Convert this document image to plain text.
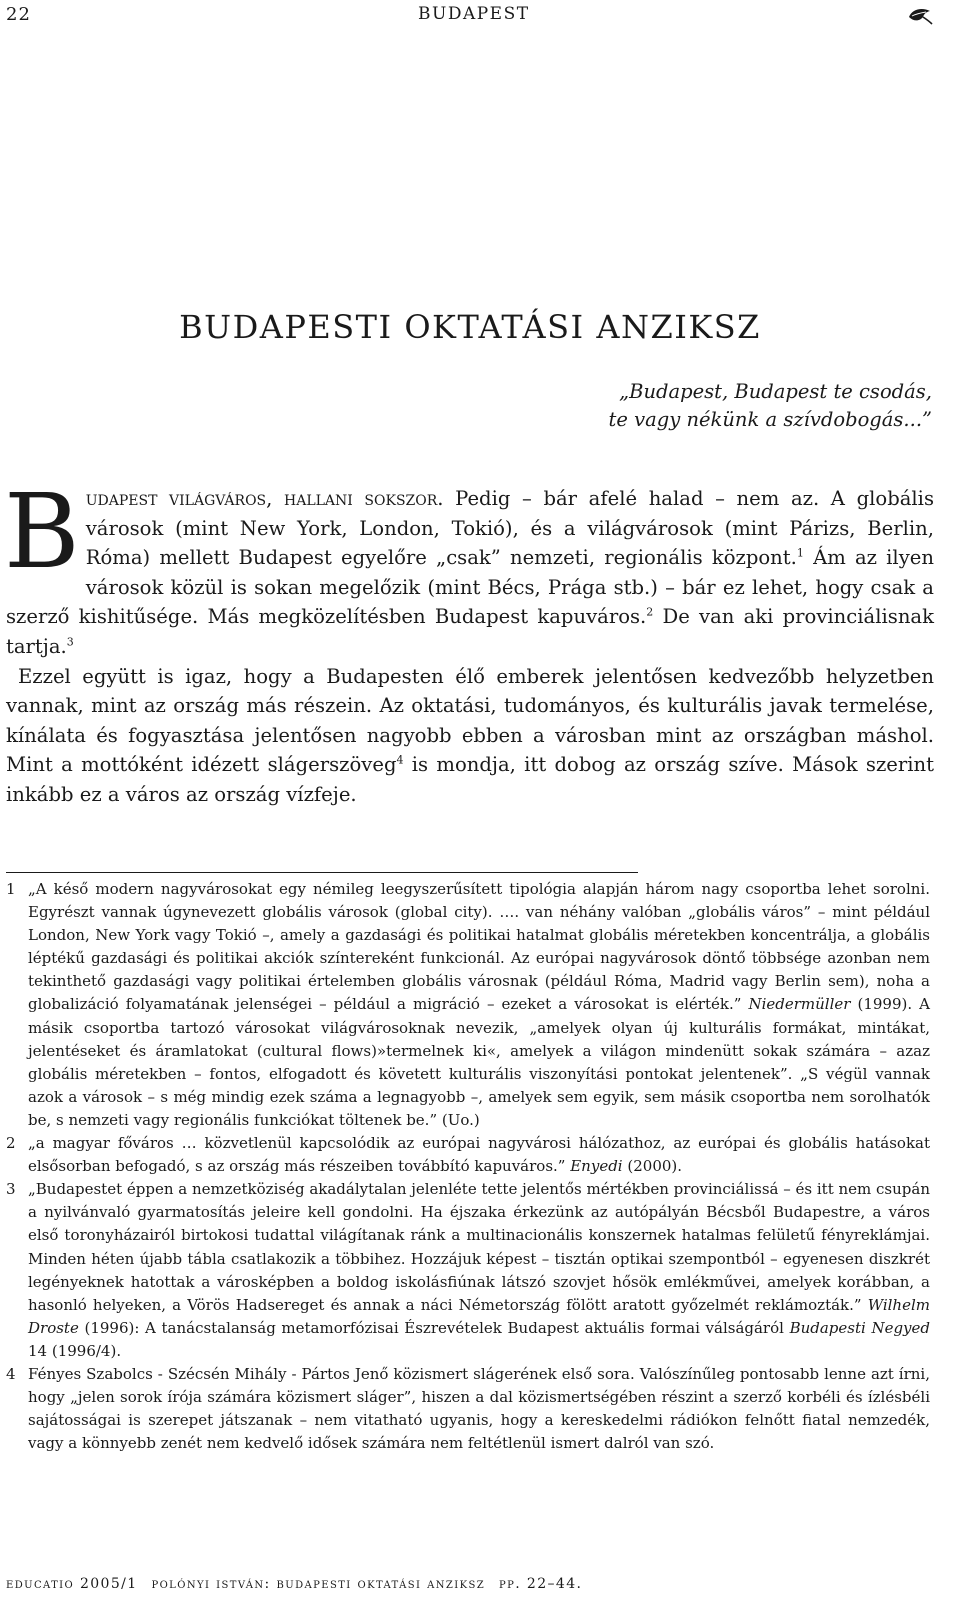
22	BUDAPEST
BUDAPESTI OKTATÁSI ANZIKSZ
„Budapest, Budapest te csodás,
te vagy nékünk a szívdobogás...”

Budapest világváros, hallani sokszor. Pedig – bár afelé halad – nem az. A globális városok (mint New York, London, Tokió), és a világvárosok (mint Párizs, Berlin, Róma) mellett Budapest egyelőre „csak” nemzeti, regionális központ.$^1$ Ám az ilyen városok közül is sokan megelőzik (mint Bécs, Prága stb.) – bár ez lehet, hogy csak a szerző kishitűsége. Más megközelítésben Budapest kapuváros.$^2$ De van aki provinciálisnak tartja.$^3$

Ezzel együtt is igaz, hogy a Budapesten élő emberek jelentősen kedvezőbb helyzetben vannak, mint az ország más részein. Az oktatási, tudományos, és kulturális javak termelése, kínálata és fogyasztása jelentősen nagyobb ebben a városban mint az országban máshol. Mint a mottóként idézett slágerszöveg$^4$ is mondja, itt dobog az ország szíve. Mások szerint inkább ez a város az ország vízfeje.

1 „A késő modern nagyvárosokat egy némileg leegyszerűsített tipológia alapján három nagy csoportba lehet sorolni. Egyrészt vannak úgynevezett globális városok (global city). …. van néhány valóban „globális város” – mint például London, New York vagy Tokió –, amely a gazdasági és politikai hatalmat globális méretekben koncentrálja, a globális léptékű gazdasági és politikai akciók színtereként funkcionál. Az európai nagyvárosok döntő többsége azonban nem tekinthető gazdasági vagy politikai értelemben globális városnak (például Róma, Madrid vagy Berlin sem), noha a globalizáció folyamatának jelenségei – például a migráció – ezeket a városokat is elérték.” Niedermüller (1999). A másik csoportba tartozó városokat világvárosoknak nevezik, „amelyek olyan új kulturális formákat, mintákat, jelentéseket és áramlatokat (cultural flows)»termelnek ki«, amelyek a világon mindenütt sokak számára – azaz globális méretekben – fontos, elfogadott és követett kulturális viszonyítási pontokat jelentenek”. „S végül vannak azok a városok – s még mindig ezek száma a legnagyobb –, amelyek sem egyik, sem másik csoportba nem sorolhatók be, s nemzeti vagy regionális funkciókat töltenek be.” (Uo.)

2 „a magyar főváros … közvetlenül kapcsolódik az európai nagyvárosi hálózathoz, az európai és globális hatásokat elsősorban befogadó, s az ország más részeiben továbbító kapuváros.” Enyedi (2000).

3 „Budapestet éppen a nemzetköziség akadálytalan jelenléte tette jelentős mértékben provinciálissá – és itt nem csupán a nyilvánvaló gyarmatosítás jeleire kell gondolni. Ha éjszaka érkezünk az autópályán Bécsből Budapestre, a város első toronyházairól birtokosi tudattal világítanak ránk a multinacionális konszernek hatalmas felületű fényreklámjai. Minden héten újabb tábla csatlakozik a többihez. Hozzájuk képest – tisztán optikai szempontból – egyenesen diszkrét legényeknek hatottak a városképben a boldog iskolásfiúnak látszó szovjet hősök emlékművei, amelyek korábban, a hasonló helyeken, a Vörös Hadsereget és annak a náci Németország fölött aratott győzelmét reklámozták.” Wilhelm Droste (1996): A tanácstalanság metamorfózisai Észrevételek Budapest aktuális formai válságáról Budapesti Negyed 14 (1996/4).

4 Fényes Szabolcs - Szécsén Mihály - Pártos Jenő közismert slágerének első sora. Valószínűleg pontosabb lenne azt írni, hogy „jelen sorok írója számára közismert sláger”, hiszen a dal közismertségében részint a szerző korbéli és ízlésbéli sajátosságai is szerepet játszanak – nem vitatható ugyanis, hogy a kereskedelmi rádiókon felnőtt fiatal nemzedék, vagy a könnyebb zenét nem kedvelő idősek számára nem feltétlenül ismert dalról van szó.

educatio 2005/1 polónyi istván: budapesti oktatási anziksz pp. 22–44.
